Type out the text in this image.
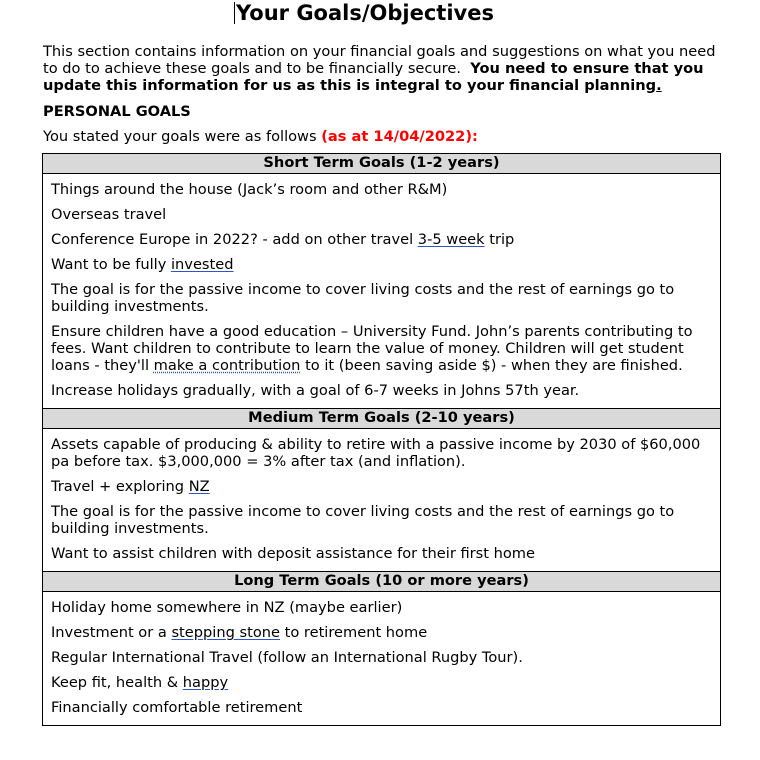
Your Goals/Objectives

This section contains information on your financial goals and suggestions on what you need to do to achieve these goals and to be financially secure. You need to ensure that you update this information for us as this is integral to your financial planning.

PERSONAL GOALS

You stated your goals were as follows (as at 14/04/2022):

Short Term Goals (1-2 years)

Things around the house (Jack’s room and other R&M)

Overseas travel

Conference Europe in 2022? - add on other travel 3-5 week trip

Want to be fully invested

The goal is for the passive income to cover living costs and the rest of earnings go to building investments.

Ensure children have a good education – University Fund. John’s parents contributing to fees. Want children to contribute to learn the value of money. Children will get student loans - they'll make a contribution to it (been saving aside $) - when they are finished.

Increase holidays gradually, with a goal of 6-7 weeks in Johns 57th year.

Medium Term Goals (2-10 years)

Assets capable of producing & ability to retire with a passive income by 2030 of $60,000 pa before tax. $3,000,000 = 3% after tax (and inflation).

Travel + exploring NZ

The goal is for the passive income to cover living costs and the rest of earnings go to building investments.

Want to assist children with deposit assistance for their first home

Long Term Goals (10 or more years)

Holiday home somewhere in NZ (maybe earlier)

Investment or a stepping stone to retirement home

Regular International Travel (follow an International Rugby Tour).

Keep fit, health & happy

Financially comfortable retirement
